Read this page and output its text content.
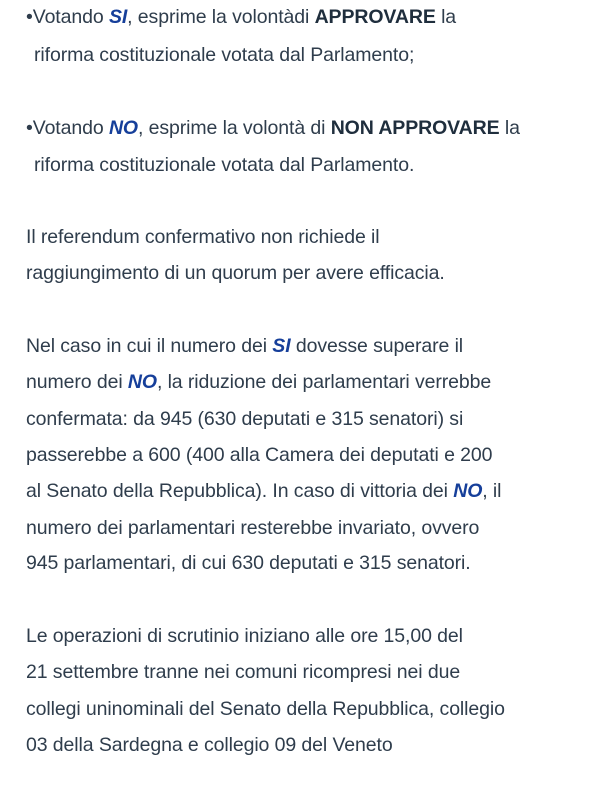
•Votando SI, esprime la volontàdi APPROVARE la
riforma costituzionale votata dal Parlamento;
•Votando NO, esprime la volontà di NON APPROVARE la
riforma costituzionale votata dal Parlamento.
Il referendum confermativo non richiede il
raggiungimento di un quorum per avere efficacia.
Nel caso in cui il numero dei SI dovesse superare il
numero dei NO, la riduzione dei parlamentari verrebbe
confermata: da 945 (630 deputati e 315 senatori) si
passerebbe a 600 (400 alla Camera dei deputati e 200
al Senato della Repubblica). In caso di vittoria dei NO, il
numero dei parlamentari resterebbe invariato, ovvero
945 parlamentari, di cui 630 deputati e 315 senatori.
Le operazioni di scrutinio iniziano alle ore 15,00 del
21 settembre tranne nei comuni ricompresi nei due
collegi uninominali del Senato della Repubblica, collegio
03 della Sardegna e collegio 09 del Veneto
